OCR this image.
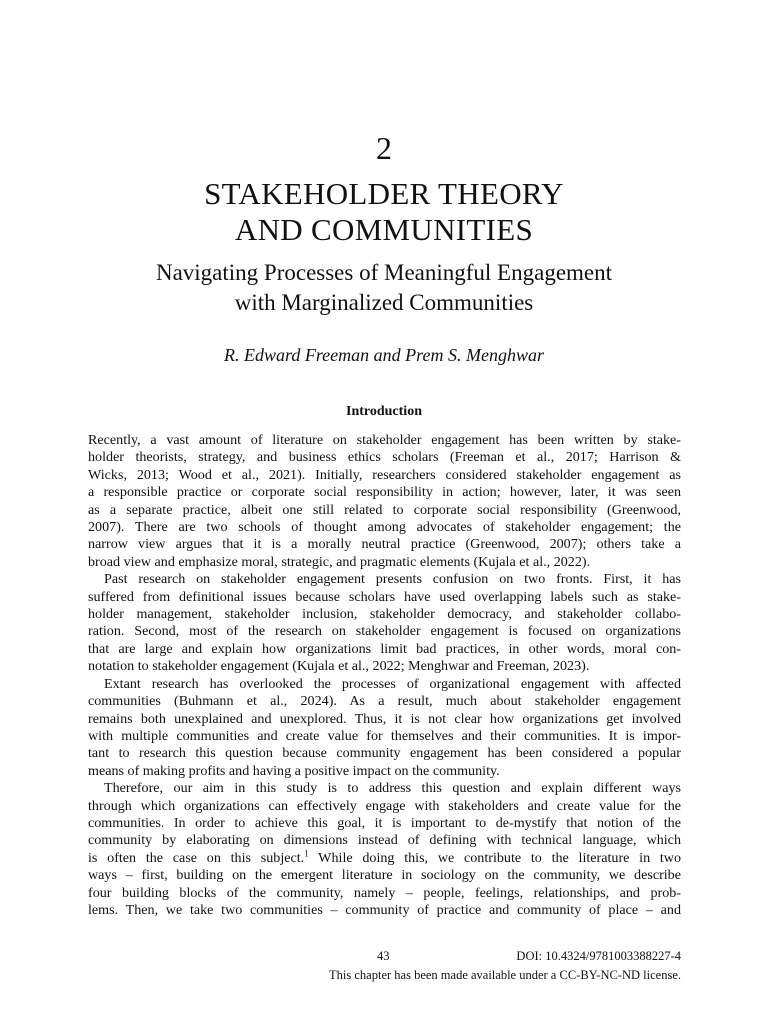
2
STAKEHOLDER THEORY
AND COMMUNITIES
Navigating Processes of Meaningful Engagement
with Marginalized Communities
R. Edward Freeman and Prem S. Menghwar
Introduction
Recently, a vast amount of literature on stakeholder engagement has been written by stake-
holder theorists, strategy, and business ethics scholars (Freeman et al., 2017; Harrison &
Wicks, 2013; Wood et al., 2021). Initially, researchers considered stakeholder engagement as
a responsible practice or corporate social responsibility in action; however, later, it was seen
as a separate practice, albeit one still related to corporate social responsibility (Greenwood,
2007). There are two schools of thought among advocates of stakeholder engagement; the
narrow view argues that it is a morally neutral practice (Greenwood, 2007); others take a
broad view and emphasize moral, strategic, and pragmatic elements (Kujala et al., 2022).
Past research on stakeholder engagement presents confusion on two fronts. First, it has
suffered from definitional issues because scholars have used overlapping labels such as stake-
holder management, stakeholder inclusion, stakeholder democracy, and stakeholder collabo-
ration. Second, most of the research on stakeholder engagement is focused on organizations
that are large and explain how organizations limit bad practices, in other words, moral con-
notation to stakeholder engagement (Kujala et al., 2022; Menghwar and Freeman, 2023).
Extant research has overlooked the processes of organizational engagement with affected
communities (Buhmann et al., 2024). As a result, much about stakeholder engagement
remains both unexplained and unexplored. Thus, it is not clear how organizations get involved
with multiple communities and create value for themselves and their communities. It is impor-
tant to research this question because community engagement has been considered a popular
means of making profits and having a positive impact on the community.
Therefore, our aim in this study is to address this question and explain different ways
through which organizations can effectively engage with stakeholders and create value for the
communities. In order to achieve this goal, it is important to de-mystify that notion of the
community by elaborating on dimensions instead of defining with technical language, which
is often the case on this subject.$^1$ While doing this, we contribute to the literature in two
ways – first, building on the emergent literature in sociology on the community, we describe
four building blocks of the community, namely – people, feelings, relationships, and prob-
lems. Then, we take two communities – community of practice and community of place – and
43	DOI: 10.4324/9781003388227-4
This chapter has been made available under a CC-BY-NC-ND license.
